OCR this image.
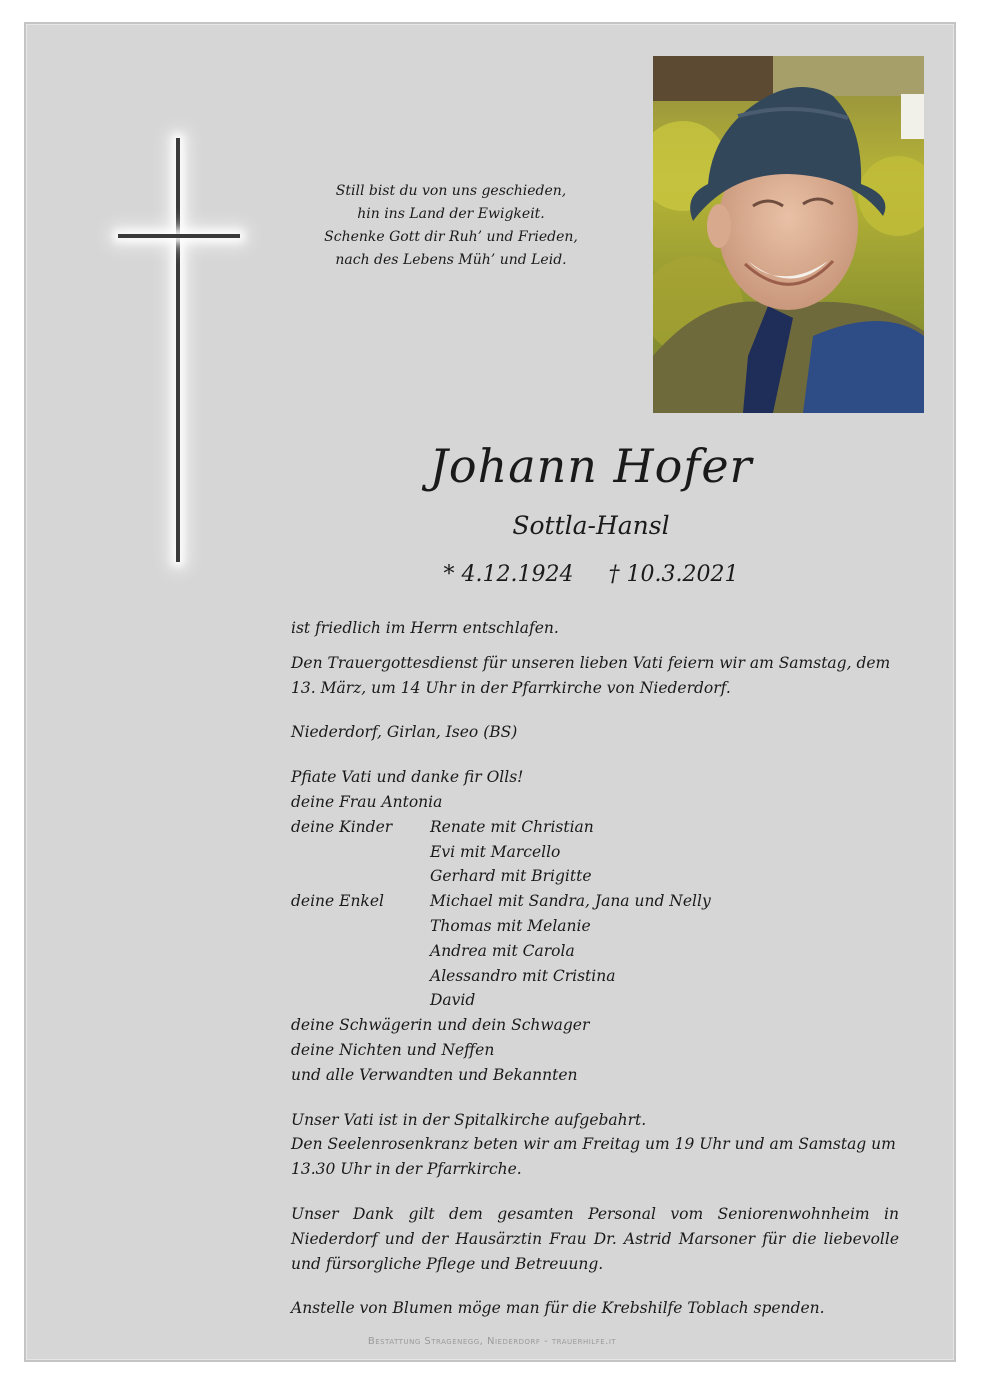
Still bist du von uns geschieden,
hin ins Land der Ewigkeit.
Schenke Gott dir Ruh’ und Frieden,
nach des Lebens Müh’ und Leid.
Johann Hofer
Sottla-Hansl
* 4.12.1924 † 10.3.2021

ist friedlich im Herrn entschlafen.

Den Trauergottesdienst für unseren lieben Vati feiern wir am Samstag, dem 13. März, um 14 Uhr in der Pfarrkirche von Niederdorf.

Niederdorf, Girlan, Iseo (BS)

Pfiate Vati und danke fir Olls!

deine Frau Antonia

deine Kinder	Renate mit Christian
Evi mit Marcello
Gerhard mit Brigitte
deine Enkel	Michael mit Sandra, Jana und Nelly
Thomas mit Melanie
Andrea mit Carola
Alessandro mit Cristina
David

deine Schwägerin und dein Schwager

deine Nichten und Neffen

und alle Verwandten und Bekannten

Unser Vati ist in der Spitalkirche aufgebahrt.

Den Seelenrosenkranz beten wir am Freitag um 19 Uhr und am Samstag um 13.30 Uhr in der Pfarrkirche.

Unser Dank gilt dem gesamten Personal vom Seniorenwohnheim in Niederdorf und der Hausärztin Frau Dr. Astrid Marsoner für die liebevolle und fürsorgliche Pflege und Betreuung.

Anstelle von Blumen möge man für die Krebshilfe Toblach spenden.

Bestattung Stragenegg, Niederdorf - trauerhilfe.it
